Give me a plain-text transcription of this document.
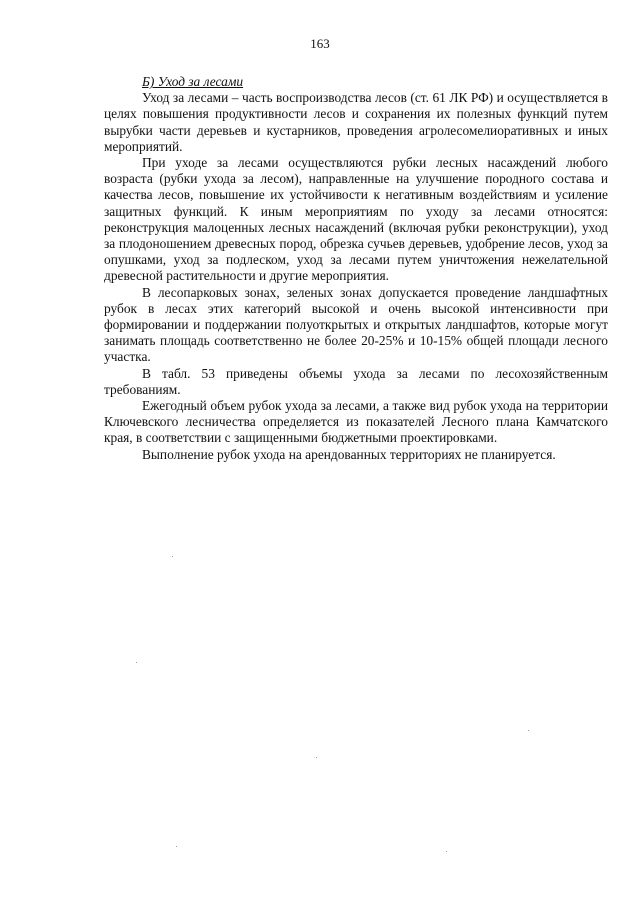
163
Б) Уход за лесами

Уход за лесами – часть воспроизводства лесов (ст. 61 ЛК РФ) и осуществляется в целях повышения продуктивности лесов и сохранения их полезных функций путем вырубки части деревьев и кустарников, проведения агролесомелиоративных и иных мероприятий.

При уходе за лесами осуществляются рубки лесных насаждений любого возраста (рубки ухода за лесом), направленные на улучшение породного состава и качества лесов, повышение их устойчивости к негативным воздействиям и усиление защитных функций. К иным мероприятиям по уходу за лесами относятся: реконструкция малоценных лесных насаждений (включая рубки реконструкции), уход за плодоношением древесных пород, обрезка сучьев деревьев, удобрение лесов, уход за опушками, уход за подлеском, уход за лесами путем уничтожения нежелательной древесной растительности и другие мероприятия.

В лесопарковых зонах, зеленых зонах допускается проведение ландшафтных рубок в лесах этих категорий высокой и очень высокой интенсивности при формировании и поддержании полуоткрытых и открытых ландшафтов, которые могут занимать площадь соответственно не более 20-25% и 10-15% общей площади лесного участка.

В табл. 53 приведены объемы ухода за лесами по лесохозяйственным требованиям.

Ежегодный объем рубок ухода за лесами, а также вид рубок ухода на территории Ключевского лесничества определяется из показателей Лесного плана Камчатского края, в соответствии с защищенными бюджетными проектировками.

Выполнение рубок ухода на арендованных территориях не планируется.
